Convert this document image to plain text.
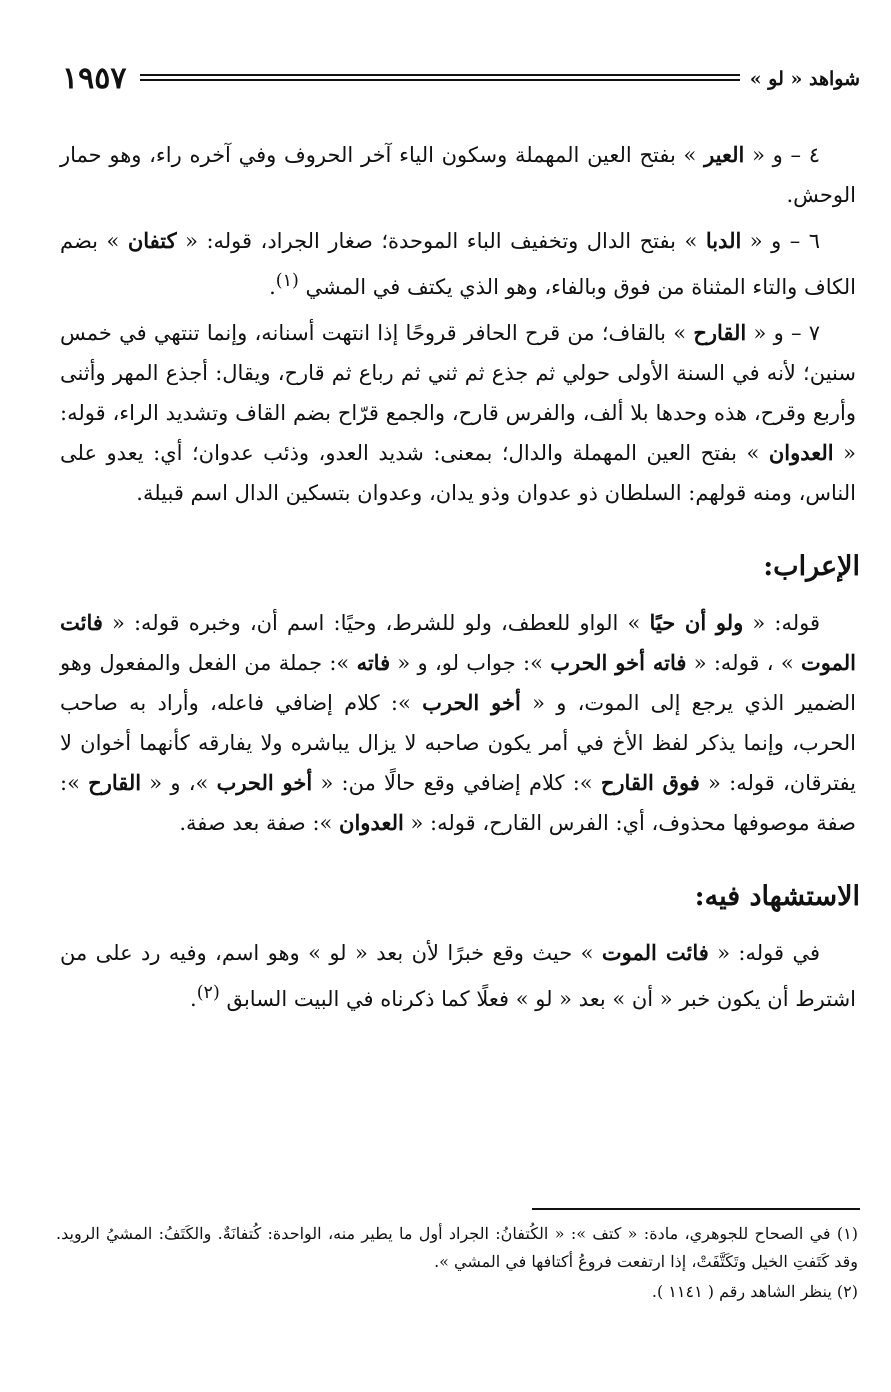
١٩٥٧	شواهد « لو »

٤ – و « العير » بفتح العين المهملة وسكون الياء آخر الحروف وفي آخره راء، وهو حمار الوحش.

٦ – و « الدبا » بفتح الدال وتخفيف الباء الموحدة؛ صغار الجراد، قوله: « كتفان » بضم الكاف والتاء المثناة من فوق وبالفاء، وهو الذي يكتف في المشي $^{(١)}$.

٧ – و « القارح » بالقاف؛ من قرح الحافر قروحًا إذا انتهت أسنانه، وإنما تنتهي في خمس سنين؛ لأنه في السنة الأولى حولي ثم جذع ثم ثني ثم رباع ثم قارح، ويقال: أجذع المهر وأثنى وأربع وقرح، هذه وحدها بلا ألف، والفرس قارح، والجمع قرّاح بضم القاف وتشديد الراء، قوله: « العدوان » بفتح العين المهملة والدال؛ بمعنى: شديد العدو، وذئب عدوان؛ أي: يعدو على الناس، ومنه قولهم: السلطان ذو عدوان وذو يدان، وعدوان بتسكين الدال اسم قبيلة.

الإعراب:

قوله: « ولو أن حيًا » الواو للعطف، ولو للشرط، وحيًا: اسم أن، وخبره قوله: « فائت الموت » ، قوله: « فاته أخو الحرب »: جواب لو، و « فاته »: جملة من الفعل والمفعول وهو الضمير الذي يرجع إلى الموت، و « أخو الحرب »: كلام إضافي فاعله، وأراد به صاحب الحرب، وإنما يذكر لفظ الأخ في أمر يكون صاحبه لا يزال يباشره ولا يفارقه كأنهما أخوان لا يفترقان، قوله: « فوق القارح »: كلام إضافي وقع حالًا من: « أخو الحرب »، و « القارح »: صفة موصوفها محذوف، أي: الفرس القارح، قوله: « العدوان »: صفة بعد صفة.

الاستشهاد فيه:

في قوله: « فائت الموت » حيث وقع خبرًا لأن بعد « لو » وهو اسم، وفيه رد على من اشترط أن يكون خبر « أن » بعد « لو » فعلًا كما ذكرناه في البيت السابق $^{(٢)}$.

(١) في الصحاح للجوهري، مادة: « كتف »: « الكُتفانُ: الجراد أول ما يطير منه، الواحدة: كُتفانَةٌ. والكَتَفُ: المشيُ الرويد. وقد كَتَفتِ الخيل وتَكَتَّفَتْ، إذا ارتفعت فروعُ أكتافها في المشي ».

(٢) ينظر الشاهد رقم ( ١١٤١ ).
